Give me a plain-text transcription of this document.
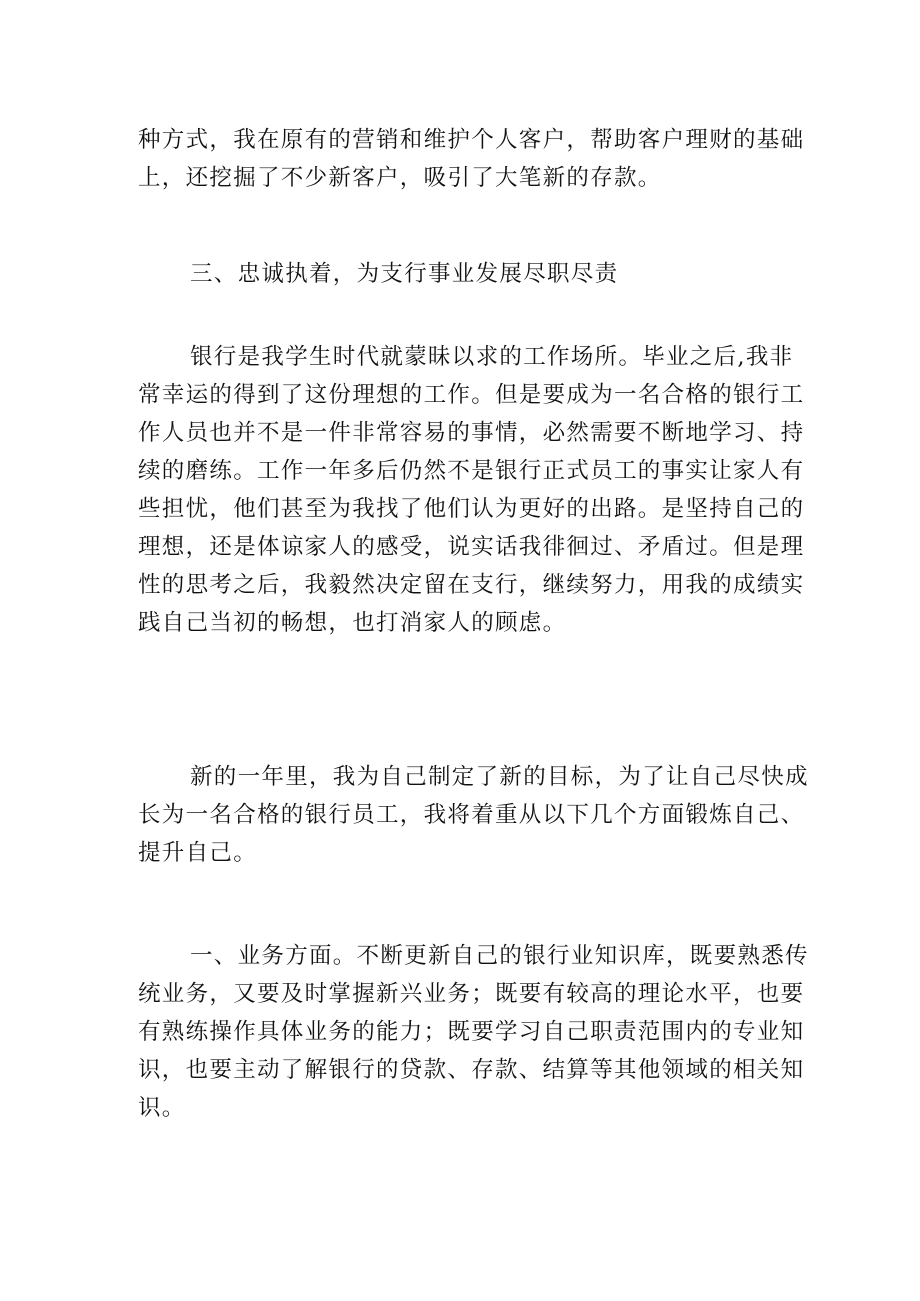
种方式，我在原有的营销和维护个人客户，帮助客户理财的基础
上，还挖掘了不少新客户，吸引了大笔新的存款。
三、忠诚执着，为支行事业发展尽职尽责
银行是我学生时代就蒙昧以求的工作场所。毕业之后,我非
常幸运的得到了这份理想的工作。但是要成为一名合格的银行工
作人员也并不是一件非常容易的事情，必然需要不断地学习、持
续的磨练。工作一年多后仍然不是银行正式员工的事实让家人有
些担忧，他们甚至为我找了他们认为更好的出路。是坚持自己的
理想，还是体谅家人的感受，说实话我徘徊过、矛盾过。但是理
性的思考之后，我毅然决定留在支行，继续努力，用我的成绩实
践自己当初的畅想，也打消家人的顾虑。
新的一年里，我为自己制定了新的目标，为了让自己尽快成
长为一名合格的银行员工，我将着重从以下几个方面锻炼自己、
提升自己。
一、业务方面。不断更新自己的银行业知识库，既要熟悉传
统业务，又要及时掌握新兴业务；既要有较高的理论水平，也要
有熟练操作具体业务的能力；既要学习自己职责范围内的专业知
识，也要主动了解银行的贷款、存款、结算等其他领域的相关知
识。
